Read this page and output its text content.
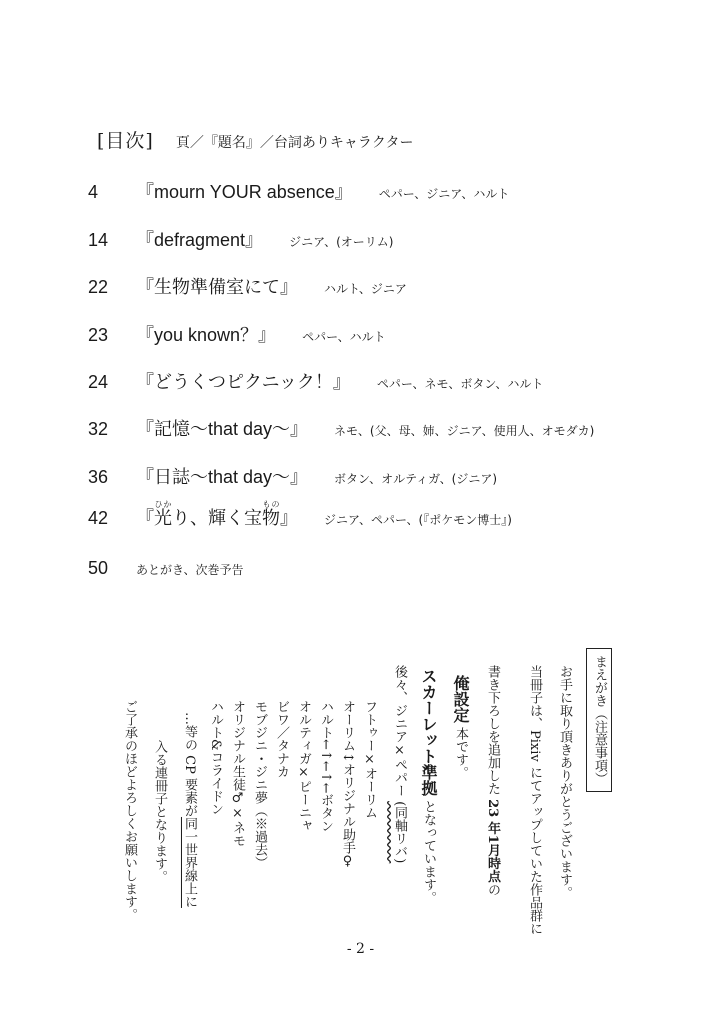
[目次] 頁／『題名』／台詞ありキャラクター
4	『mourn YOUR absence』 ペパー、ジニア、ハルト
14	『defragment』 ジニア、(オーリム)
22	『生物準備室にて』 ハルト、ジニア
23	『you known？』 ペパー、ハルト
24	『どうくつピクニック！』 ペパー、ネモ、ボタン、ハルト
32	『記憶〜that day〜』 ネモ、(父、母、姉、ジニア、使用人、オモダカ)
36	『日誌〜that day〜』 ボタン、オルティガ、(ジニア)
42	『光ひかり、輝く宝物もの』 ジニア、ペパー、(『ポケモン博士』)
50	あとがき、次巻予告
まえがき（注意事項）
お手に取り頂きありがとうございます。
当冊子は、Pixiv にてアップしていた作品群に
書き下ろしを追加した 23 年1月時点の
俺設定 本です。
スカーレット準拠 となっています。
後々、ジニア×ペパー (同軸リバ)
フトゥー×オーリム
オーリム↕オリジナル助手♀
ハルト←↑←↑←ボタン
オルティガ×ピーニャ
ビワ／タナカ
モブジニ・ジニ夢（※過去）
オリジナル生徒♂×ネモ
ハルト&コライドン
…等の CP 要素が同一世界線上に
入る連冊子となります。
ご了承のほどよろしくお願いします。
- 2 -
